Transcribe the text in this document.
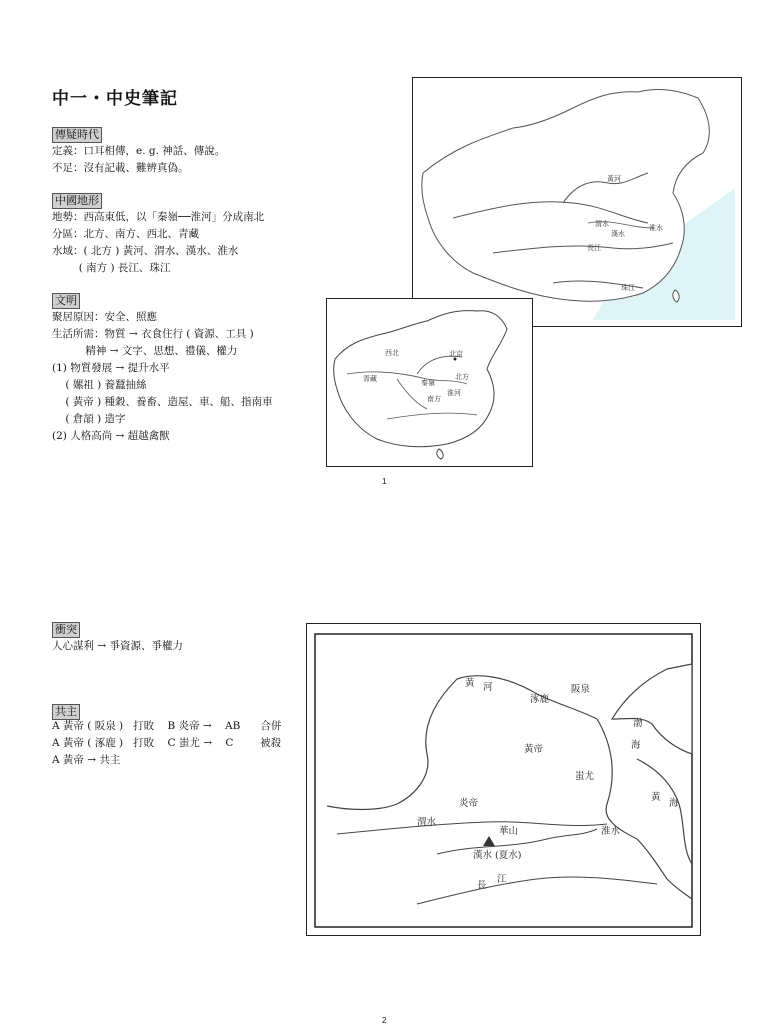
中一・中史筆記
傳疑時代
定義：口耳相傳，e. g. 神話、傳說。
不足：沒有記載、難辨真偽。
中國地形
地勢：西高東低，以「秦嶺──淮河」分成南北
分區：北方、南方、西北、青藏
水域：( 北方 ) 黃河、渭水、漢水、淮水
( 南方 ) 長江、珠江
文明
聚居原因：安全、照應
生活所需：物質 → 衣食住行 ( 資源、工具 )
精神 → 文字、思想、禮儀、權力
(1) 物質發展 → 提升水平
( 嫘祖 ) 養蠶抽絲
( 黃帝 ) 種穀、養畜、造屋、車、船、指南車
( 倉頡 ) 造字
(2) 人格高尚 → 超越禽獸
黃河
渭水	淮水
漢水
長江
珠江
西北	北京
青藏	秦嶺
北方
淮河
南方
1
衝突
人心謀利 → 爭資源、爭權力
共主
A 黃帝 ( 阪泉 )   打敗    B 炎帝 →    AB      合併
A 黃帝 ( 涿鹿 )   打敗    C 蚩尤 →    C        被殺
A 黃帝 → 共主
黃 河
涿鹿
阪泉
渤
海
黃帝
蚩尤
炎帝
渭水
華山	淮水
黃
海
漢水 (夏水)
長
江
2
